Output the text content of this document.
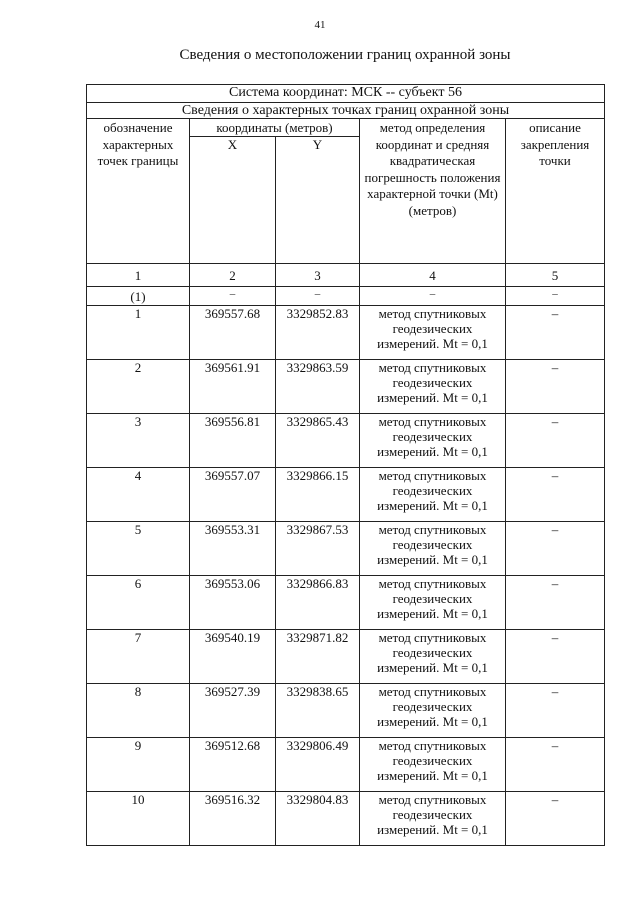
41
Сведения о местоположении границ охранной зоны
Система координат: МСК -- субъект 56				
Сведения о характерных точках границ охранной зоны				
обозначение характерных точек границы	координаты (метров)		метод определения координат и средняя квадратическая погрешность положения характерной точки (Mt) (метров)	описание закрепления точки
	X	Y		
1	2	3	4	5
(1)	–	–	–	–
1	369557.68	3329852.83	метод спутниковых
геодезических
измерений. Mt = 0,1	–
2	369561.91	3329863.59	метод спутниковых
геодезических
измерений. Mt = 0,1	–
3	369556.81	3329865.43	метод спутниковых
геодезических
измерений. Mt = 0,1	–
4	369557.07	3329866.15	метод спутниковых
геодезических
измерений. Mt = 0,1	–
5	369553.31	3329867.53	метод спутниковых
геодезических
измерений. Mt = 0,1	–
6	369553.06	3329866.83	метод спутниковых
геодезических
измерений. Mt = 0,1	–
7	369540.19	3329871.82	метод спутниковых
геодезических
измерений. Mt = 0,1	–
8	369527.39	3329838.65	метод спутниковых
геодезических
измерений. Mt = 0,1	–
9	369512.68	3329806.49	метод спутниковых
геодезических
измерений. Mt = 0,1	–
10	369516.32	3329804.83	метод спутниковых
геодезических
измерений. Mt = 0,1	–
